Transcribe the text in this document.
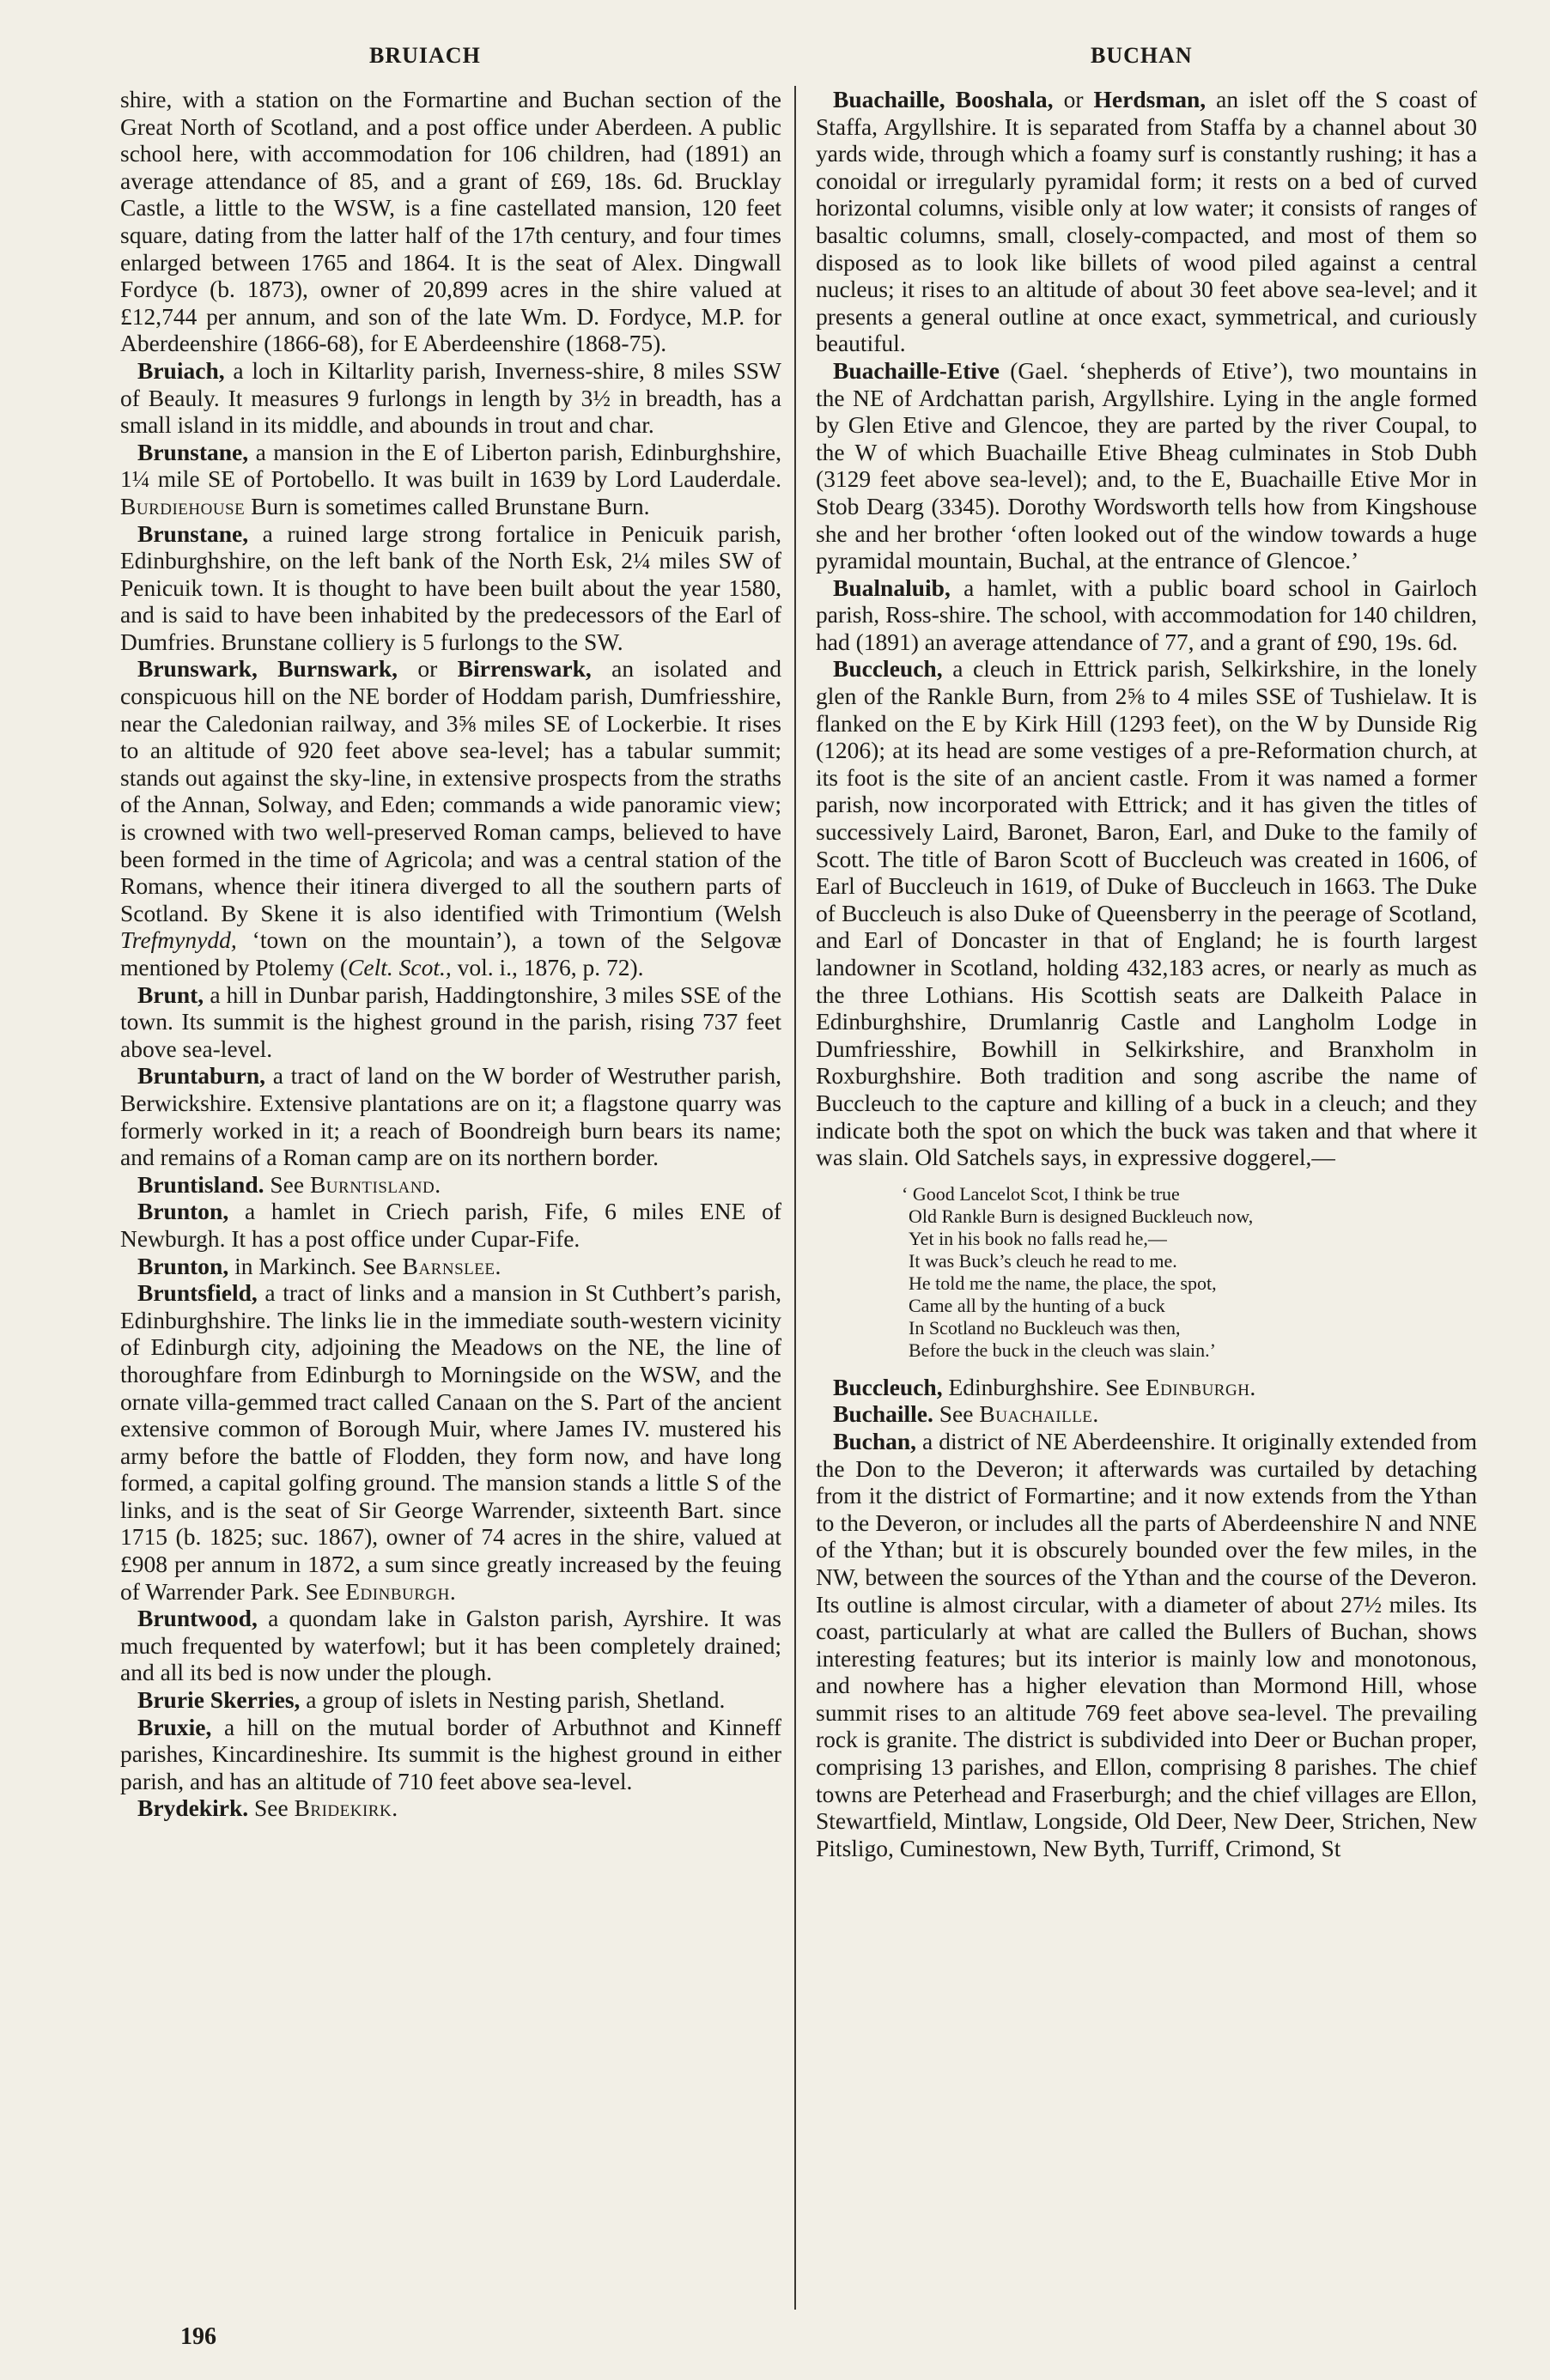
BRUIACH	BUCHAN

shire, with a station on the Formartine and Buchan section of the Great North of Scotland, and a post office under Aberdeen. A public school here, with accommodation for 106 children, had (1891) an average attendance of 85, and a grant of £69, 18s. 6d. Brucklay Castle, a little to the WSW, is a fine castellated mansion, 120 feet square, dating from the latter half of the 17th century, and four times enlarged between 1765 and 1864. It is the seat of Alex. Dingwall Fordyce (b. 1873), owner of 20,899 acres in the shire valued at £12,744 per annum, and son of the late Wm. D. Fordyce, M.P. for Aberdeenshire (1866-68), for E Aberdeenshire (1868-75).

Bruiach, a loch in Kiltarlity parish, Inverness-shire, 8 miles SSW of Beauly. It measures 9 furlongs in length by 3½ in breadth, has a small island in its middle, and abounds in trout and char.

Brunstane, a mansion in the E of Liberton parish, Edinburghshire, 1¼ mile SE of Portobello. It was built in 1639 by Lord Lauderdale. Burdiehouse Burn is sometimes called Brunstane Burn.

Brunstane, a ruined large strong fortalice in Penicuik parish, Edinburghshire, on the left bank of the North Esk, 2¼ miles SW of Penicuik town. It is thought to have been built about the year 1580, and is said to have been inhabited by the predecessors of the Earl of Dumfries. Brunstane colliery is 5 furlongs to the SW.

Brunswark, Burnswark, or Birrenswark, an isolated and conspicuous hill on the NE border of Hoddam parish, Dumfriesshire, near the Caledonian railway, and 3⅝ miles SE of Lockerbie. It rises to an altitude of 920 feet above sea-level; has a tabular summit; stands out against the sky-line, in extensive prospects from the straths of the Annan, Solway, and Eden; commands a wide panoramic view; is crowned with two well-preserved Roman camps, believed to have been formed in the time of Agricola; and was a central station of the Romans, whence their itinera diverged to all the southern parts of Scotland. By Skene it is also identified with Trimontium (Welsh Trefmynydd, ‘town on the mountain’), a town of the Selgovæ mentioned by Ptolemy (Celt. Scot., vol. i., 1876, p. 72).

Brunt, a hill in Dunbar parish, Haddingtonshire, 3 miles SSE of the town. Its summit is the highest ground in the parish, rising 737 feet above sea-level.

Bruntaburn, a tract of land on the W border of Westruther parish, Berwickshire. Extensive plantations are on it; a flagstone quarry was formerly worked in it; a reach of Boondreigh burn bears its name; and remains of a Roman camp are on its northern border.

Bruntisland. See Burntisland.

Brunton, a hamlet in Criech parish, Fife, 6 miles ENE of Newburgh. It has a post office under Cupar-Fife.

Brunton, in Markinch. See Barnslee.

Bruntsfield, a tract of links and a mansion in St Cuthbert’s parish, Edinburghshire. The links lie in the immediate south-western vicinity of Edinburgh city, adjoining the Meadows on the NE, the line of thoroughfare from Edinburgh to Morningside on the WSW, and the ornate villa-gemmed tract called Canaan on the S. Part of the ancient extensive common of Borough Muir, where James IV. mustered his army before the battle of Flodden, they form now, and have long formed, a capital golfing ground. The mansion stands a little S of the links, and is the seat of Sir George Warrender, sixteenth Bart. since 1715 (b. 1825; suc. 1867), owner of 74 acres in the shire, valued at £908 per annum in 1872, a sum since greatly increased by the feuing of Warrender Park. See Edinburgh.

Bruntwood, a quondam lake in Galston parish, Ayrshire. It was much frequented by waterfowl; but it has been completely drained; and all its bed is now under the plough.

Brurie Skerries, a group of islets in Nesting parish, Shetland.

Bruxie, a hill on the mutual border of Arbuthnot and Kinneff parishes, Kincardineshire. Its summit is the highest ground in either parish, and has an altitude of 710 feet above sea-level.

Brydekirk. See Bridekirk.

Buachaille, Booshala, or Herdsman, an islet off the S coast of Staffa, Argyllshire. It is separated from Staffa by a channel about 30 yards wide, through which a foamy surf is constantly rushing; it has a conoidal or irregularly pyramidal form; it rests on a bed of curved horizontal columns, visible only at low water; it consists of ranges of basaltic columns, small, closely-compacted, and most of them so disposed as to look like billets of wood piled against a central nucleus; it rises to an altitude of about 30 feet above sea-level; and it presents a general outline at once exact, symmetrical, and curiously beautiful.

Buachaille-Etive (Gael. ‘shepherds of Etive’), two mountains in the NE of Ardchattan parish, Argyllshire. Lying in the angle formed by Glen Etive and Glencoe, they are parted by the river Coupal, to the W of which Buachaille Etive Bheag culminates in Stob Dubh (3129 feet above sea-level); and, to the E, Buachaille Etive Mor in Stob Dearg (3345). Dorothy Wordsworth tells how from Kingshouse she and her brother ‘often looked out of the window towards a huge pyramidal mountain, Buchal, at the entrance of Glencoe.’

Bualnaluib, a hamlet, with a public board school in Gairloch parish, Ross-shire. The school, with accommodation for 140 children, had (1891) an average attendance of 77, and a grant of £90, 19s. 6d.

Buccleuch, a cleuch in Ettrick parish, Selkirkshire, in the lonely glen of the Rankle Burn, from 2⅝ to 4 miles SSE of Tushielaw. It is flanked on the E by Kirk Hill (1293 feet), on the W by Dunside Rig (1206); at its head are some vestiges of a pre-Reformation church, at its foot is the site of an ancient castle. From it was named a former parish, now incorporated with Ettrick; and it has given the titles of successively Laird, Baronet, Baron, Earl, and Duke to the family of Scott. The title of Baron Scott of Buccleuch was created in 1606, of Earl of Buccleuch in 1619, of Duke of Buccleuch in 1663. The Duke of Buccleuch is also Duke of Queensberry in the peerage of Scotland, and Earl of Doncaster in that of England; he is fourth largest landowner in Scotland, holding 432,183 acres, or nearly as much as the three Lothians. His Scottish seats are Dalkeith Palace in Edinburghshire, Drumlanrig Castle and Langholm Lodge in Dumfriesshire, Bowhill in Selkirkshire, and Branxholm in Roxburghshire. Both tradition and song ascribe the name of Buccleuch to the capture and killing of a buck in a cleuch; and they indicate both the spot on which the buck was taken and that where it was slain. Old Satchels says, in expressive doggerel,—

‘ Good Lancelot Scot, I think be true
Old Rankle Burn is designed Buckleuch now,
Yet in his book no falls read he,—
It was Buck’s cleuch he read to me.
He told me the name, the place, the spot,
Came all by the hunting of a buck
In Scotland no Buckleuch was then,
Before the buck in the cleuch was slain.’

Buccleuch, Edinburghshire. See Edinburgh.

Buchaille. See Buachaille.

Buchan, a district of NE Aberdeenshire. It originally extended from the Don to the Deveron; it afterwards was curtailed by detaching from it the district of Formartine; and it now extends from the Ythan to the Deveron, or includes all the parts of Aberdeenshire N and NNE of the Ythan; but it is obscurely bounded over the few miles, in the NW, between the sources of the Ythan and the course of the Deveron. Its outline is almost circular, with a diameter of about 27½ miles. Its coast, particularly at what are called the Bullers of Buchan, shows interesting features; but its interior is mainly low and monotonous, and nowhere has a higher elevation than Mormond Hill, whose summit rises to an altitude 769 feet above sea-level. The prevailing rock is granite. The district is subdivided into Deer or Buchan proper, comprising 13 parishes, and Ellon, comprising 8 parishes. The chief towns are Peterhead and Fraserburgh; and the chief villages are Ellon, Stewartfield, Mintlaw, Longside, Old Deer, New Deer, Strichen, New Pitsligo, Cuminestown, New Byth, Turriff, Crimond, St

196
